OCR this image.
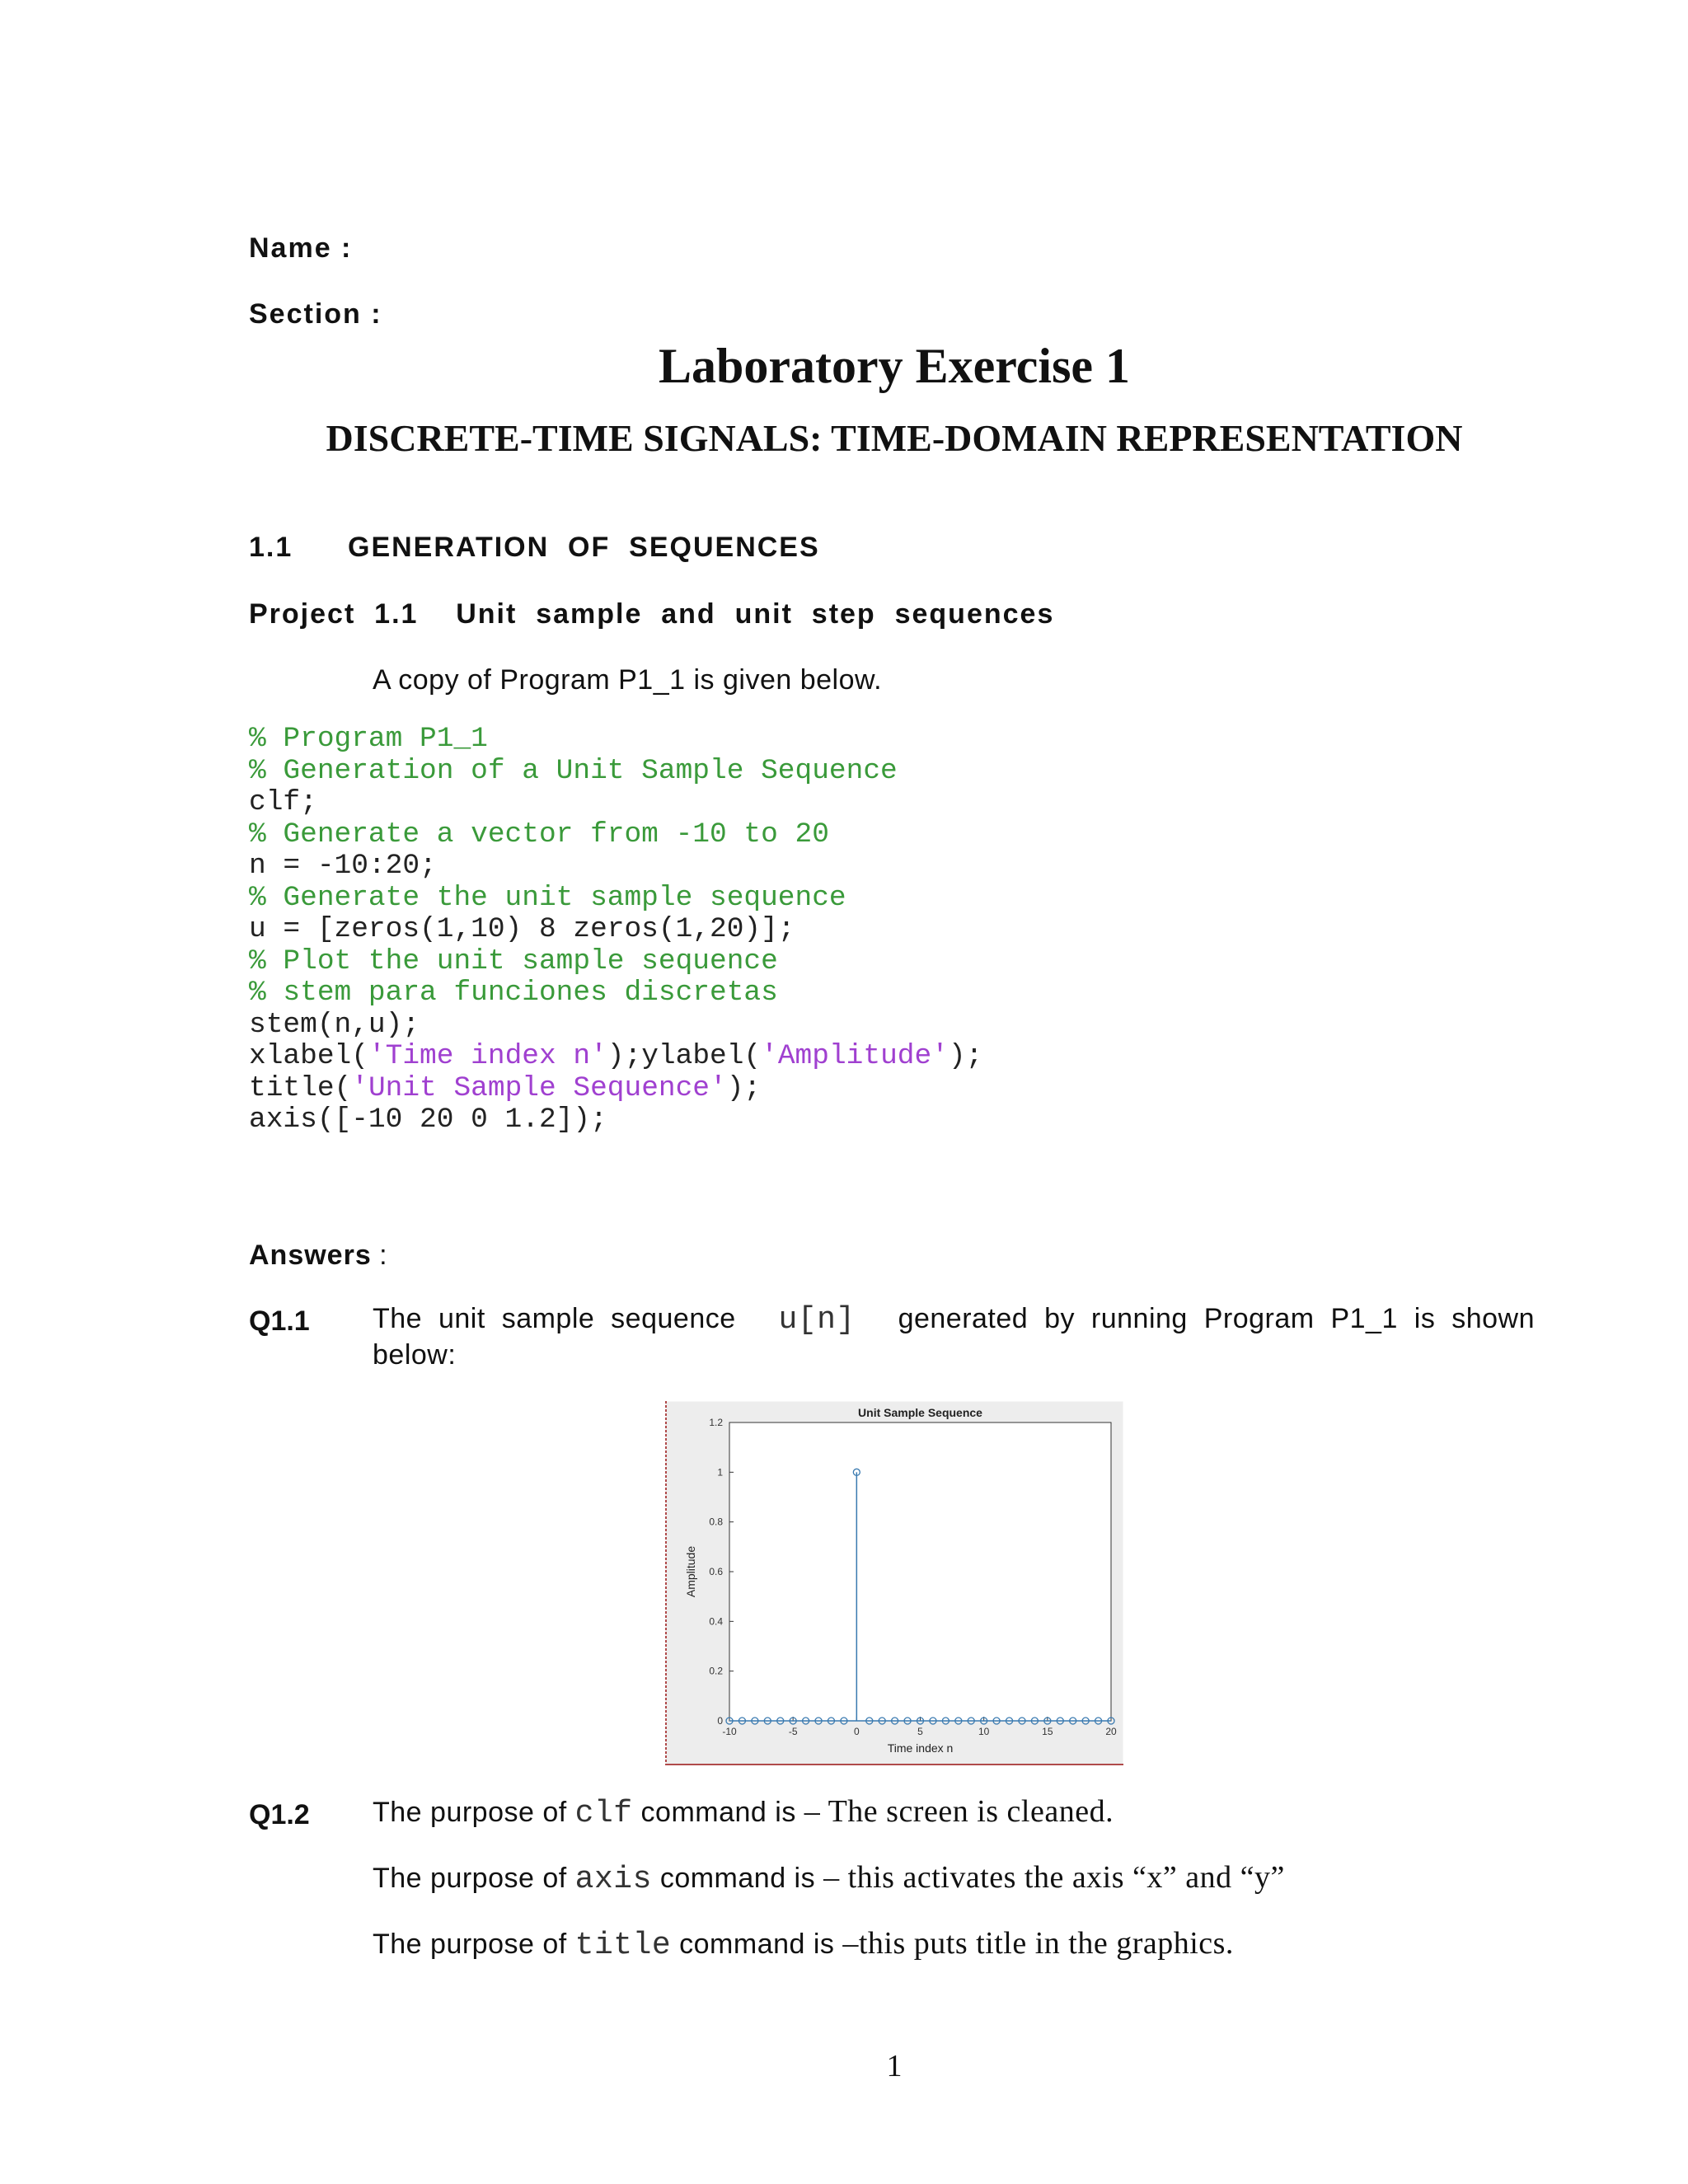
Name :
Section :
Laboratory Exercise 1
DISCRETE-TIME SIGNALS: TIME-DOMAIN REPRESENTATION
1.1 GENERATION  OF  SEQUENCES
Project  1.1    Unit  sample  and  unit  step  sequences
A copy of Program P1_1 is given below.
% Program P1_1
% Generation of a Unit Sample Sequence
clf;
% Generate a vector from -10 to 20
n = -10:20;
% Generate the unit sample sequence
u = [zeros(1,10) 8 zeros(1,20)];
% Plot the unit sample sequence
% stem para funciones discretas
stem(n,u);
xlabel('Time index n');ylabel('Amplitude');
title('Unit Sample Sequence');
axis([-10 20 0 1.2]);
Answers :
Q1.1 The  unit  sample  sequence u[n] generated  by  running  Program  P1_1  is  shown
below:
Unit Sample Sequence
-10	-5	0	5	10	15	20
0
0.2
0.4
0.6
0.8
1
1.2
Time index n
Amplitude
Q1.2 The purpose of clf command is – The screen is cleaned.
The purpose of axis command is – this activates the axis “x” and “y”
The purpose of title command is –this puts title in the graphics.
1
